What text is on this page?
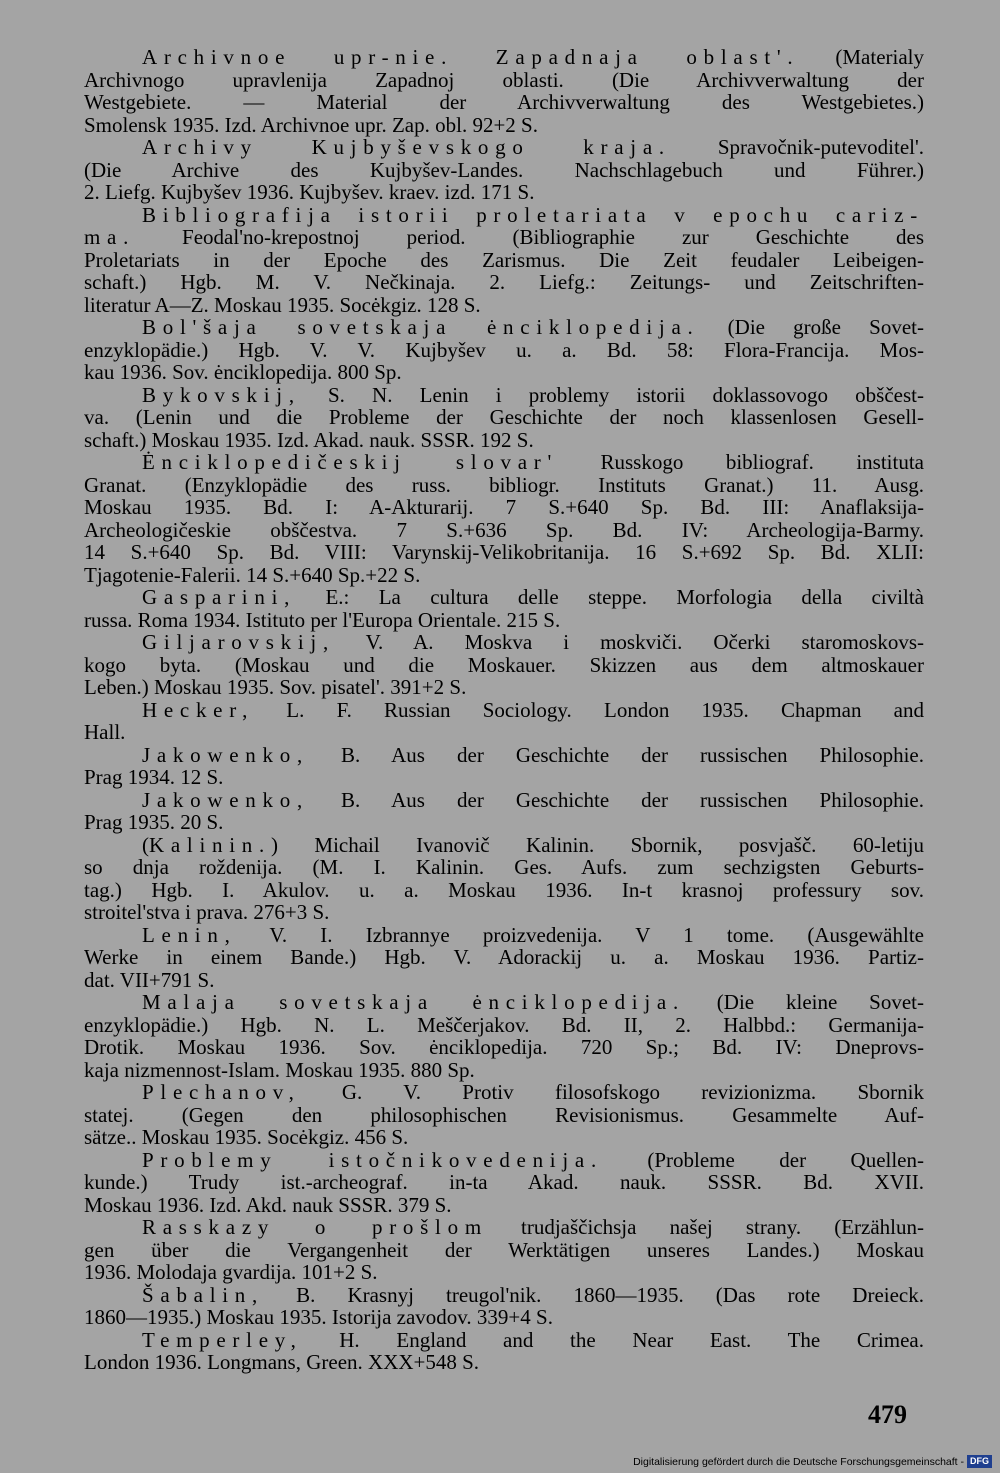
Archivnoe upr-nie. Zapadnaja oblast'. (Materialy
Archivnogo upravlenija Zapadnoj oblasti. (Die Archivverwaltung der
Westgebiete. — Material der Archivverwaltung des Westgebietes.)
Smolensk 1935. Izd. Archivnoe upr. Zap. obl. 92+2 S.
Archivy Kujbyševskogo kraja. Spravočnik-putevoditel'.
(Die Archive des Kujbyšev-Landes. Nachschlagebuch und Führer.)
2. Liefg. Kujbyšev 1936. Kujbyšev. kraev. izd. 171 S.
Bibliografija istorii proletariata v epochu cariz-
ma. Feodal'no-krepostnoj period. (Bibliographie zur Geschichte des
Proletariats in der Epoche des Zarismus. Die Zeit feudaler Leibeigen-
schaft.) Hgb. M. V. Nečkinaja. 2. Liefg.: Zeitungs- und Zeitschriften-
literatur A—Z. Moskau 1935. Socėkgiz. 128 S.
Bol'šaja sovetskaja ėnciklopedija. (Die große Sovet-
enzyklopädie.) Hgb. V. V. Kujbyšev u. a. Bd. 58: Flora-Francija. Mos-
kau 1936. Sov. ėnciklopedija. 800 Sp.
Bykovskij, S. N. Lenin i problemy istorii doklassovogo obščest-
va. (Lenin und die Probleme der Geschichte der noch klassenlosen Gesell-
schaft.) Moskau 1935. Izd. Akad. nauk. SSSR. 192 S.
Ėnciklopedičeskij slovar' Russkogo bibliograf. instituta
Granat. (Enzyklopädie des russ. bibliogr. Instituts Granat.) 11. Ausg.
Moskau 1935. Bd. I: A-Akturarij. 7 S.+640 Sp. Bd. III: Anaflaksija-
Archeologičeskie obščestva. 7 S.+636 Sp. Bd. IV: Archeologija-Barmy.
14 S.+640 Sp. Bd. VIII: Varynskij-Velikobritanija. 16 S.+692 Sp. Bd. XLII:
Tjagotenie-Falerii. 14 S.+640 Sp.+22 S.
Gasparini, E.: La cultura delle steppe. Morfologia della civiltà
russa. Roma 1934. Istituto per l'Europa Orientale. 215 S.
Giljarovskij, V. A. Moskva i moskviči. Očerki staromoskovs-
kogo byta. (Moskau und die Moskauer. Skizzen aus dem altmoskauer
Leben.) Moskau 1935. Sov. pisatel'. 391+2 S.
Hecker, L. F. Russian Sociology. London 1935. Chapman and
Hall.
Jakowenko, B. Aus der Geschichte der russischen Philosophie.
Prag 1934. 12 S.
Jakowenko, B. Aus der Geschichte der russischen Philosophie.
Prag 1935. 20 S.
(Kalinin.) Michail Ivanovič Kalinin. Sbornik, posvjašč. 60-letiju
so dnja roždenija. (M. I. Kalinin. Ges. Aufs. zum sechzigsten Geburts-
tag.) Hgb. I. Akulov. u. a. Moskau 1936. In-t krasnoj professury sov.
stroitel'stva i prava. 276+3 S.
Lenin, V. I. Izbrannye proizvedenija. V 1 tome. (Ausgewählte
Werke in einem Bande.) Hgb. V. Adorackij u. a. Moskau 1936. Partiz-
dat. VII+791 S.
Malaja sovetskaja ėnciklopedija. (Die kleine Sovet-
enzyklopädie.) Hgb. N. L. Meščerjakov. Bd. II, 2. Halbbd.: Germanija-
Drotik. Moskau 1936. Sov. ėnciklopedija. 720 Sp.; Bd. IV: Dneprovs-
kaja nizmennost-Islam. Moskau 1935. 880 Sp.
Plechanov, G. V. Protiv filosofskogo revizionizma. Sbornik
statej. (Gegen den philosophischen Revisionismus. Gesammelte Auf-
sätze.. Moskau 1935. Socėkgiz. 456 S.
Problemy istočnikovedenija. (Probleme der Quellen-
kunde.) Trudy ist.-archeograf. in-ta Akad. nauk. SSSR. Bd. XVII.
Moskau 1936. Izd. Akd. nauk SSSR. 379 S.
Rasskazy o prošlom trudjaščichsja našej strany. (Erzählun-
gen über die Vergangenheit der Werktätigen unseres Landes.) Moskau
1936. Molodaja gvardija. 101+2 S.
Šabalin, B. Krasnyj treugol'nik. 1860—1935. (Das rote Dreieck.
1860—1935.) Moskau 1935. Istorija zavodov. 339+4 S.
Temperley, H. England and the Near East. The Crimea.
London 1936. Longmans, Green. XXX+548 S.
479
Digitalisierung gefördert durch die Deutsche Forschungsgemeinschaft - DFG
